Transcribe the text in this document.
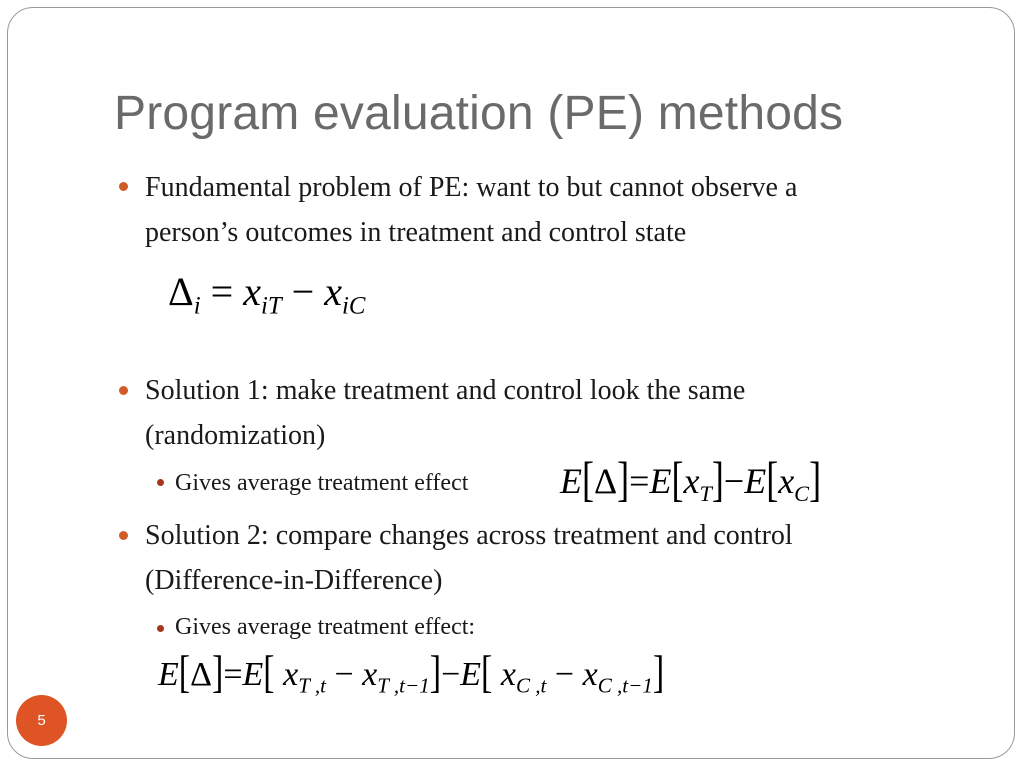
Program evaluation (PE) methods
Fundamental problem of PE: want to but cannot observe a
person’s outcomes in treatment and control state
$\Delta_i = x_{iT} - x_{iC}$
Solution 1: make treatment and control look the same
(randomization)
Gives average treatment effect	$E[\Delta]=E[x_T]-E[x_C]$
Solution 2: compare changes across treatment and control
(Difference-in-Difference)
Gives average treatment effect:
E[Δ]=E[ $x_{T ,t} - x_{T ,t-1}]-E$[ $x_{C ,t} - x_{C ,t-1}$]
5
